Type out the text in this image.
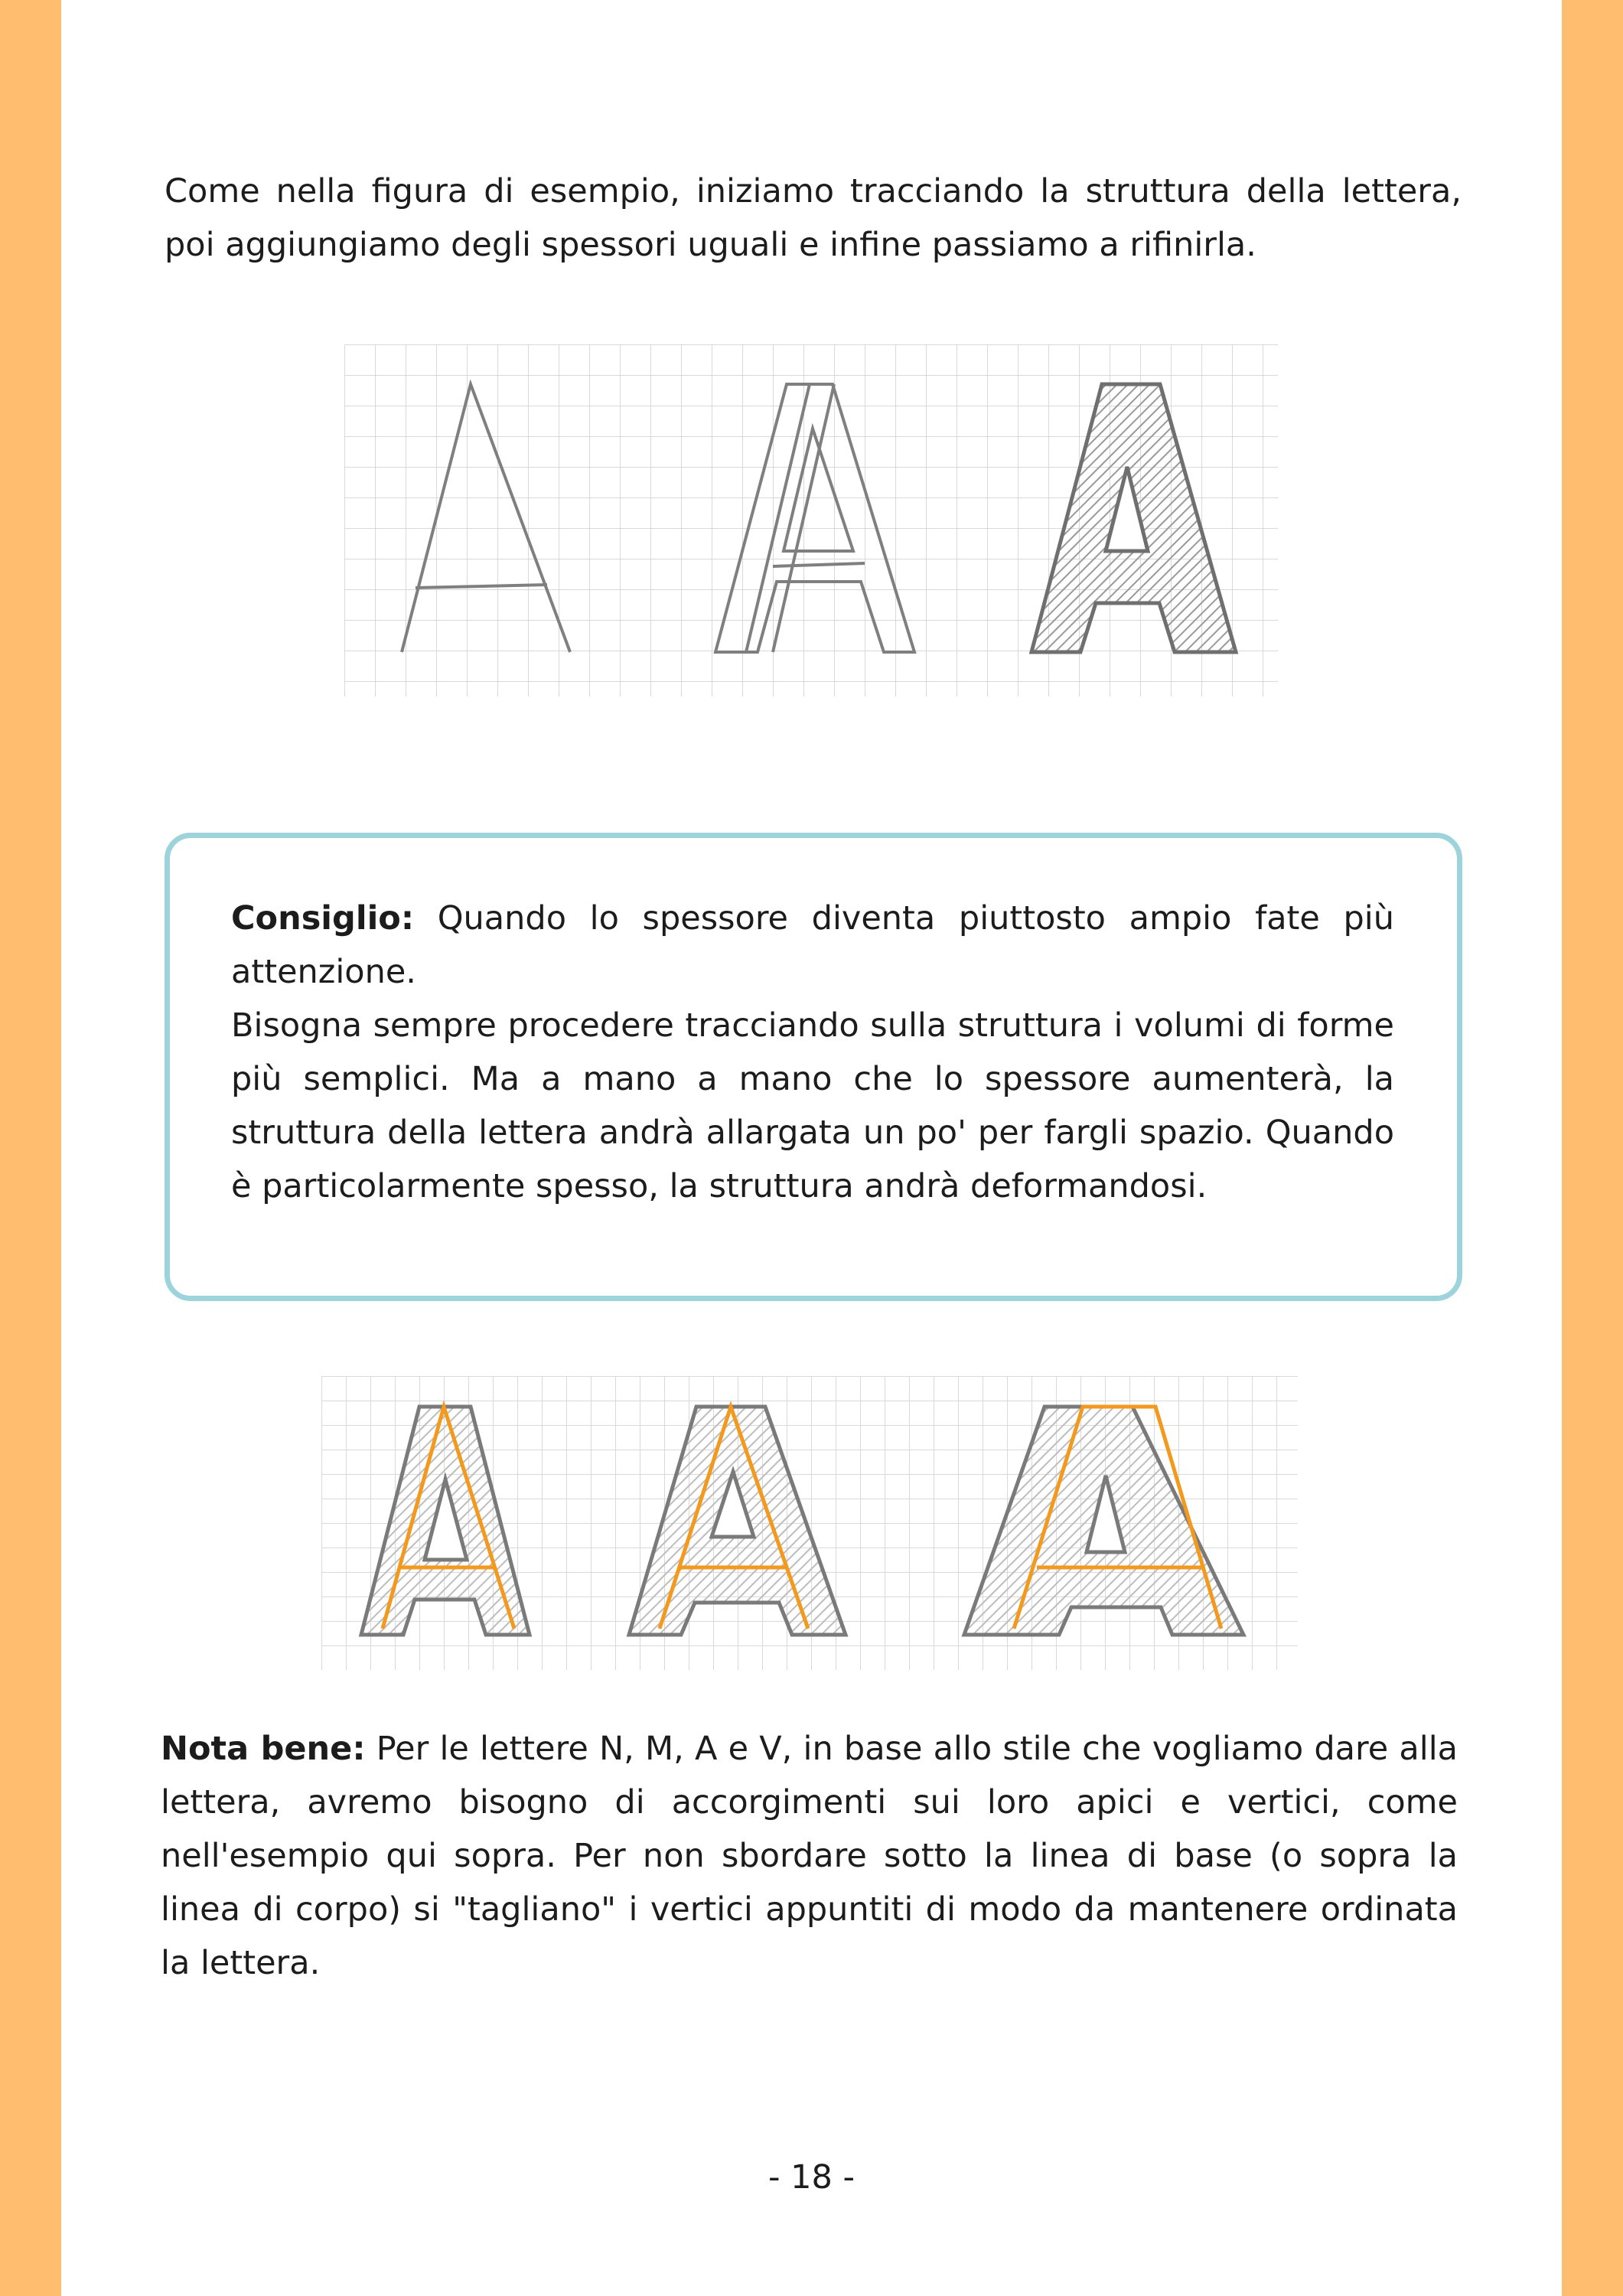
Come nella figura di esempio, iniziamo tracciando la struttura della lettera, poi aggiungiamo degli spessori uguali e infine passiamo a rifinirla.

Consiglio: Quando lo spessore diventa piuttosto ampio fate più attenzione.
Bisogna sempre procedere tracciando sulla struttura i volumi di forme più semplici. Ma a mano a mano che lo spessore aumenterà, la struttura della lettera andrà allargata un po' per fargli spazio. Quando è particolarmente spesso, la struttura andrà deformandosi.

Nota bene: Per le lettere N, M, A e V, in base allo stile che vogliamo dare alla lettera, avremo bisogno di accorgimenti sui loro apici e vertici, come nell'esempio qui sopra. Per non sbordare sotto la linea di base (o sopra la linea di corpo) si "tagliano" i vertici appuntiti di modo da mantenere ordinata la lettera.

- 18 -
